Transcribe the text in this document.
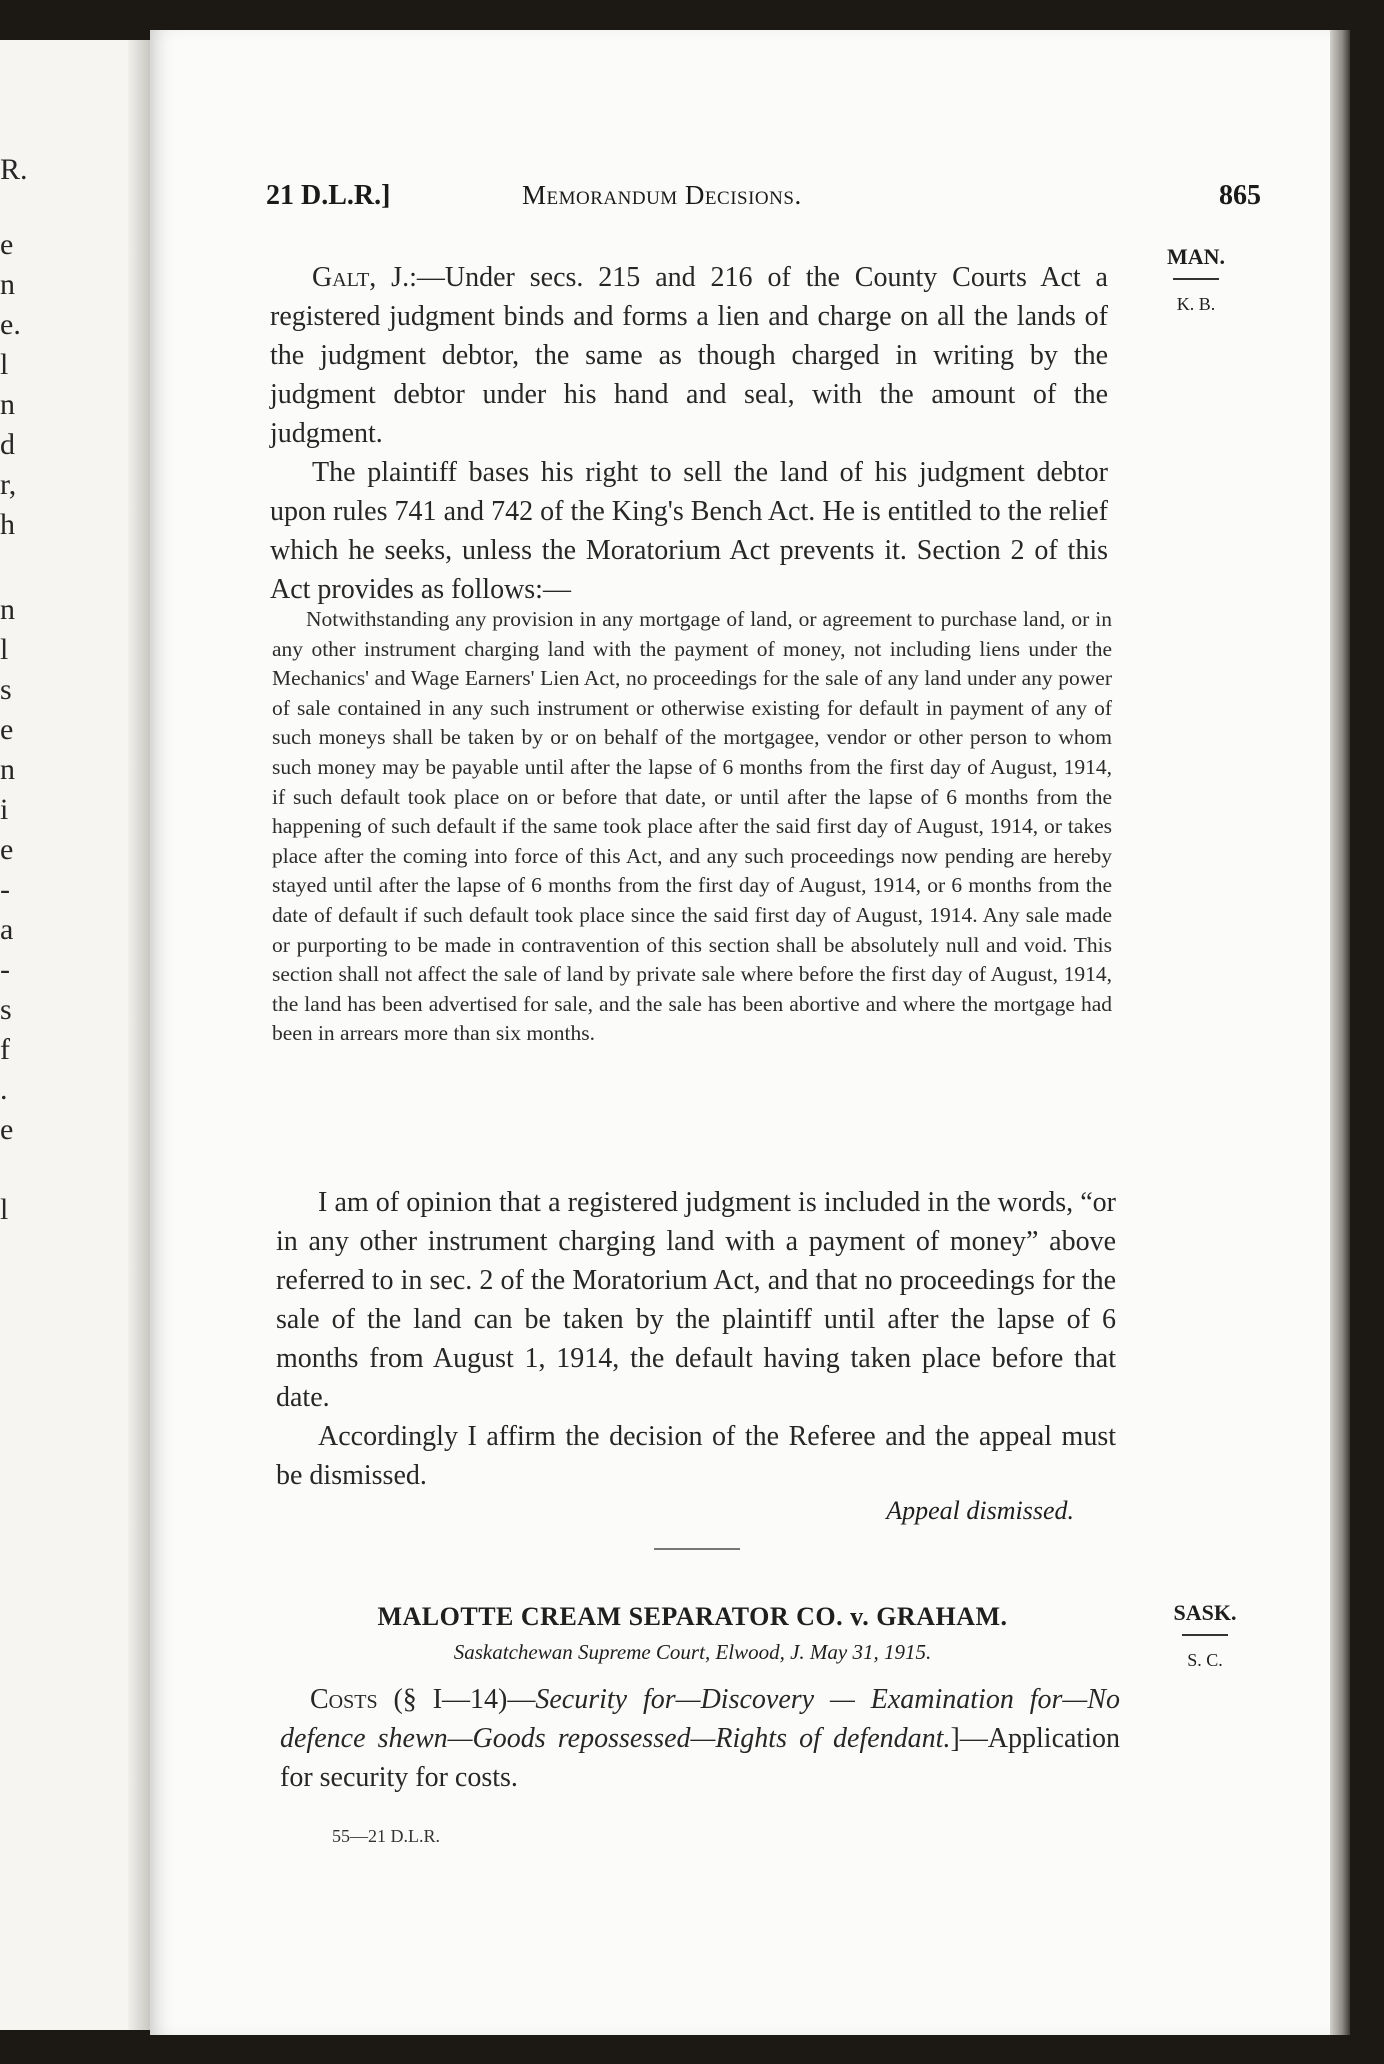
R.
e
n
e.
l
n
d
r,
h
n
l
s
e
n
i
e
-
a
-
s
f
.
e
l
21 D.L.R.]	Memorandum Decisions.	865
MAN.
K. B.

Galt, J.:—Under secs. 215 and 216 of the County Courts Act a registered judgment binds and forms a lien and charge on all the lands of the judgment debtor, the same as though charged in writing by the judgment debtor under his hand and seal, with the amount of the judgment.

The plaintiff bases his right to sell the land of his judgment debtor upon rules 741 and 742 of the King's Bench Act. He is entitled to the relief which he seeks, unless the Moratorium Act prevents it. Section 2 of this Act provides as follows:—

Notwithstanding any provision in any mortgage of land, or agreement to purchase land, or in any other instrument charging land with the payment of money, not including liens under the Mechanics' and Wage Earners' Lien Act, no proceedings for the sale of any land under any power of sale contained in any such instrument or otherwise existing for default in payment of any of such moneys shall be taken by or on behalf of the mortgagee, vendor or other person to whom such money may be payable until after the lapse of 6 months from the first day of August, 1914, if such default took place on or before that date, or until after the lapse of 6 months from the happening of such default if the same took place after the said first day of August, 1914, or takes place after the coming into force of this Act, and any such proceedings now pending are hereby stayed until after the lapse of 6 months from the first day of August, 1914, or 6 months from the date of default if such default took place since the said first day of August, 1914. Any sale made or purporting to be made in contravention of this section shall be absolutely null and void. This section shall not affect the sale of land by private sale where before the first day of August, 1914, the land has been advertised for sale, and the sale has been abortive and where the mortgage had been in arrears more than six months.

I am of opinion that a registered judgment is included in the words, “or in any other instrument charging land with a payment of money” above referred to in sec. 2 of the Moratorium Act, and that no proceedings for the sale of the land can be taken by the plaintiff until after the lapse of 6 months from August 1, 1914, the default having taken place before that date.

Accordingly I affirm the decision of the Referee and the appeal must be dismissed.

Appeal dismissed.
SASK.
S. C.
MALOTTE CREAM SEPARATOR CO. v. GRAHAM.
Saskatchewan Supreme Court, Elwood, J. May 31, 1915.

Costs (§ I—14)—Security for—Discovery — Examination for—No defence shewn—Goods repossessed—Rights of defendant.]—Application for security for costs.

55—21 D.L.R.
